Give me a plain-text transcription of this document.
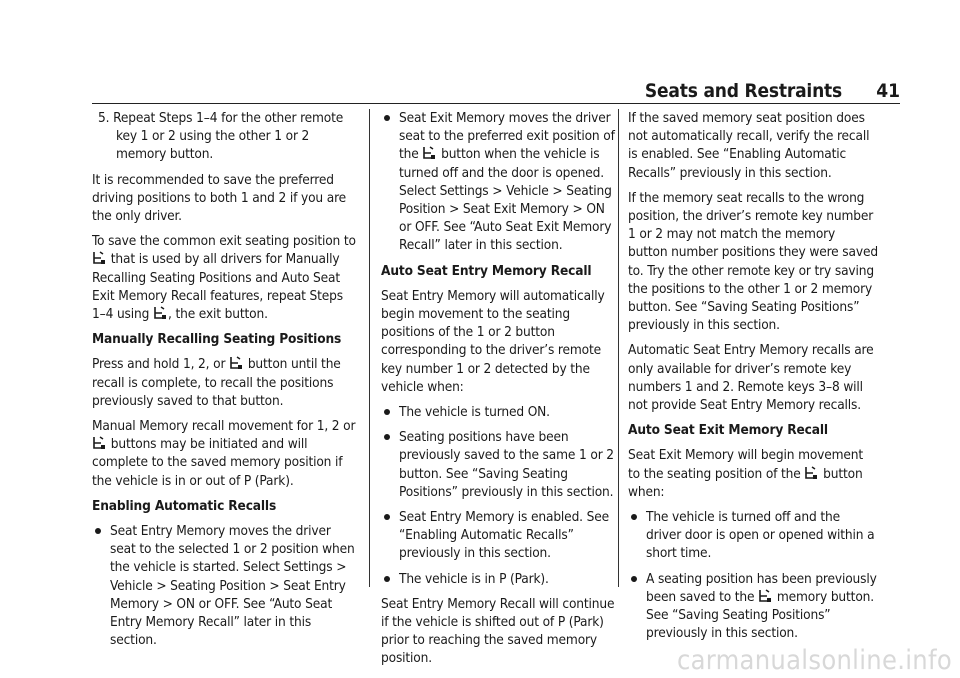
Seats and Restraints 41

5. Repeat Steps 1–4 for the other remote key 1 or 2 using the other 1 or 2 memory button.

It is recommended to save the preferred driving positions to both 1 and 2 if you are the only driver.

To save the common exit seating position to  that is used by all drivers for Manually Recalling Seating Positions and Auto Seat Exit Memory Recall features, repeat Steps 1–4 using , the exit button.

Manually Recalling Seating Positions

Press and hold 1, 2, or button until the recall is complete, to recall the positions previously saved to that button.

Manual Memory recall movement for 1, 2 or  buttons may be initiated and will complete to the saved memory position if the vehicle is in or out of P (Park).

Enabling Automatic Recalls

Seat Entry Memory moves the driver seat to the selected 1 or 2 position when the vehicle is started. Select Settings > Vehicle > Seating Position > Seat Entry Memory > ON or OFF. See “Auto Seat Entry Memory Recall” later in this section.
Seat Exit Memory moves the driver seat to the preferred exit position of the button when the vehicle is turned off and the door is opened. Select Settings > Vehicle > Seating Position > Seat Exit Memory > ON or OFF. See “Auto Seat Exit Memory Recall” later in this section.

Auto Seat Entry Memory Recall

Seat Entry Memory will automatically begin movement to the seating positions of the 1 or 2 button corresponding to the driver’s remote key number 1 or 2 detected by the vehicle when:

The vehicle is turned ON.
Seating positions have been previously saved to the same 1 or 2 button. See “Saving Seating Positions” previously in this section.
Seat Entry Memory is enabled. See “Enabling Automatic Recalls” previously in this section.
The vehicle is in P (Park).

Seat Entry Memory Recall will continue if the vehicle is shifted out of P (Park) prior to reaching the saved memory position.

If the saved memory seat position does not automatically recall, verify the recall is enabled. See “Enabling Automatic Recalls” previously in this section.

If the memory seat recalls to the wrong position, the driver’s remote key number 1 or 2 may not match the memory button number positions they were saved to. Try the other remote key or try saving the positions to the other 1 or 2 memory button. See “Saving Seating Positions” previously in this section.

Automatic Seat Entry Memory recalls are only available for driver’s remote key numbers 1 and 2. Remote keys 3–8 will not provide Seat Entry Memory recalls.

Auto Seat Exit Memory Recall

Seat Exit Memory will begin movement to the seating position of the button when:

The vehicle is turned off and the driver door is open or opened within a short time.
A seating position has been previously been saved to the memory button. See “Saving Seating Positions” previously in this section.
carmanualsonline.info
